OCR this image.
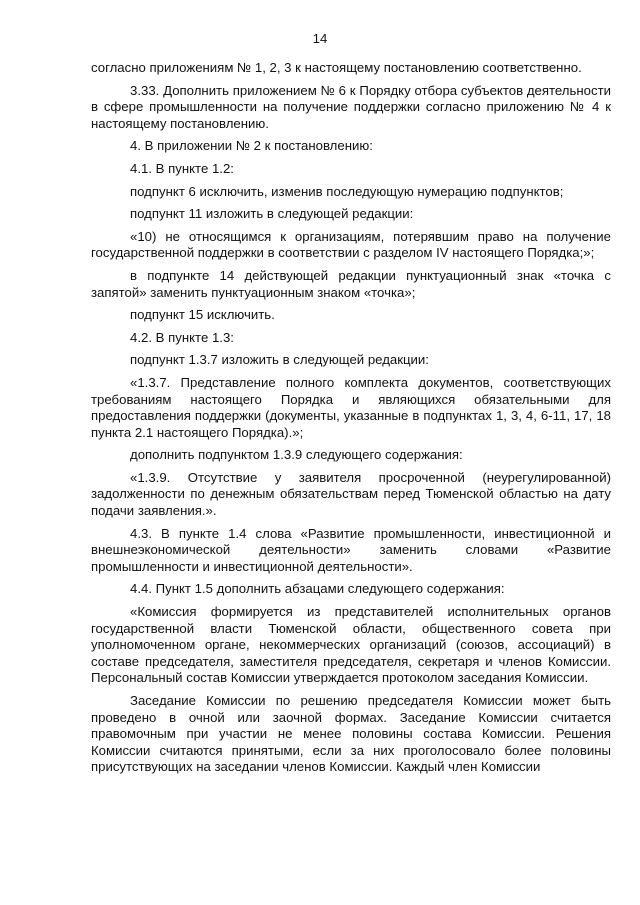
14

согласно приложениям № 1, 2, 3 к настоящему постановлению соответственно.

3.33. Дополнить приложением № 6 к Порядку отбора субъектов деятельности в сфере промышленности на получение поддержки согласно приложению № 4 к настоящему постановлению.

4. В приложении № 2 к постановлению:

4.1. В пункте 1.2:

подпункт 6 исключить, изменив последующую нумерацию подпунктов;

подпункт 11 изложить в следующей редакции:

«10) не относящимся к организациям, потерявшим право на получение государственной поддержки в соответствии с разделом IV настоящего Порядка;»;

в подпункте 14 действующей редакции пунктуационный знак «точка с запятой» заменить пунктуационным знаком «точка»;

подпункт 15 исключить.

4.2. В пункте 1.3:

подпункт 1.3.7 изложить в следующей редакции:

«1.3.7. Представление полного комплекта документов, соответствующих требованиям настоящего Порядка и являющихся обязательными для предоставления поддержки (документы, указанные в подпунктах 1, 3, 4, 6-11, 17, 18 пункта 2.1 настоящего Порядка).»;

дополнить подпунктом 1.3.9 следующего содержания:

«1.3.9. Отсутствие у заявителя просроченной (неурегулированной) задолженности по денежным обязательствам перед Тюменской областью на дату подачи заявления.».

4.3. В пункте 1.4 слова «Развитие промышленности, инвестиционной и внешнеэкономической деятельности» заменить словами «Развитие промышленности и инвестиционной деятельности».

4.4. Пункт 1.5 дополнить абзацами следующего содержания:

«Комиссия формируется из представителей исполнительных органов государственной власти Тюменской области, общественного совета при уполномоченном органе, некоммерческих организаций (союзов, ассоциаций) в составе председателя, заместителя председателя, секретаря и членов Комиссии. Персональный состав Комиссии утверждается протоколом заседания Комиссии.

Заседание Комиссии по решению председателя Комиссии может быть проведено в очной или заочной формах. Заседание Комиссии считается правомочным при участии не менее половины состава Комиссии. Решения Комиссии считаются принятыми, если за них проголосовало более половины присутствующих на заседании членов Комиссии. Каждый член Комиссии
